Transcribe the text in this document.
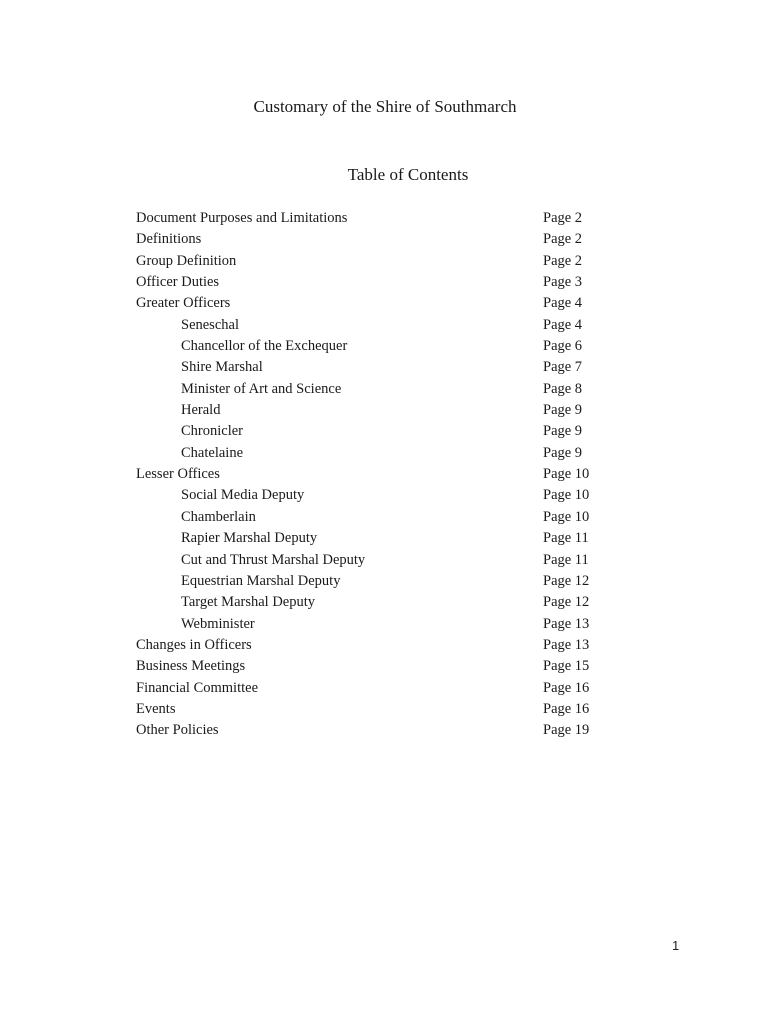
Customary of the Shire of Southmarch
Table of Contents
Document Purposes and Limitations	Page 2
Definitions	Page 2
Group Definition	Page 2
Officer Duties	Page 3
Greater Officers	Page 4
Seneschal	Page 4
Chancellor of the Exchequer	Page 6
Shire Marshal	Page 7
Minister of Art and Science	Page 8
Herald	Page 9
Chronicler	Page 9
Chatelaine	Page 9
Lesser Offices	Page 10
Social Media Deputy	Page 10
Chamberlain	Page 10
Rapier Marshal Deputy	Page 11
Cut and Thrust Marshal Deputy	Page 11
Equestrian Marshal Deputy	Page 12
Target Marshal Deputy	Page 12
Webminister	Page 13
Changes in Officers	Page 13
Business Meetings	Page 15
Financial Committee	Page 16
Events	Page 16
Other Policies	Page 19
1
